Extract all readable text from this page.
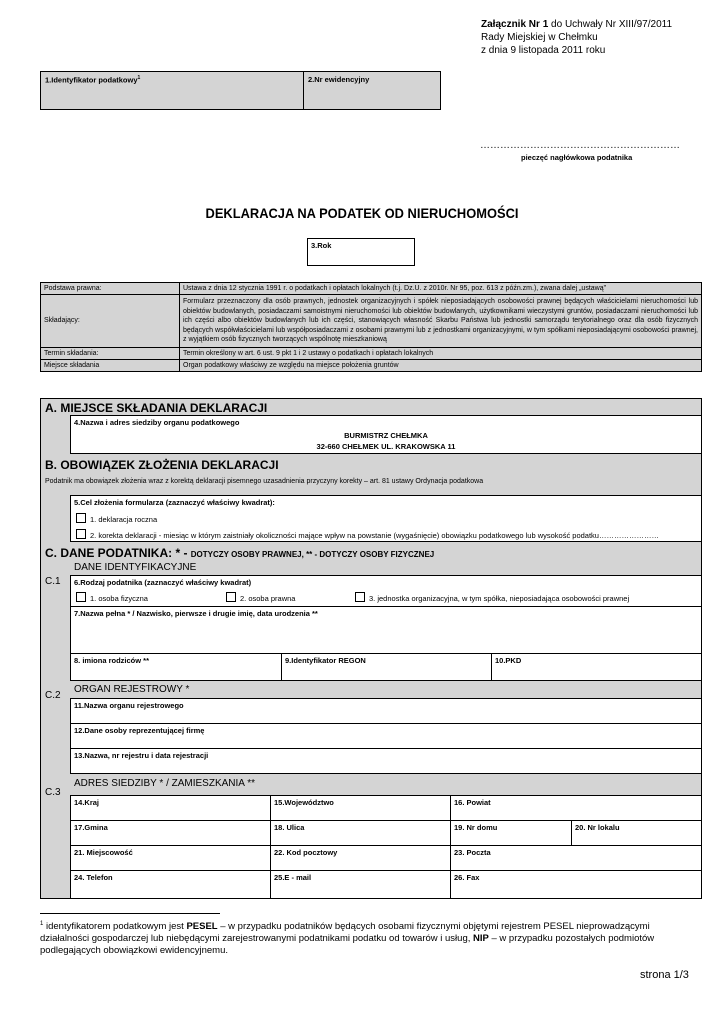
Załącznik Nr 1 do Uchwały Nr XIII/97/2011
Rady Miejskiej w Chełmku
z dnia 9 listopada 2011 roku
1.Identyfikator podatkowy$^1$	2.Nr ewidencyjny
……………………………………………………
pieczęć nagłówkowa podatnika
DEKLARACJA NA PODATEK OD NIERUCHOMOŚCI
3.Rok
Podstawa prawna:	Ustawa z dnia 12 stycznia 1991 r. o podatkach i opłatach lokalnych (t.j. Dz.U. z 2010r. Nr 95, poz. 613 z późn.zm.), zwana dalej „ustawą”
Składający:	Formularz przeznaczony dla osób prawnych, jednostek organizacyjnych i spółek nieposiadających osobowości prawnej będących właścicielami nieruchomości lub obiektów budowlanych, posiadaczami samoistnymi nieruchomości lub obiektów budowlanych, użytkownikami wieczystymi gruntów, posiadaczami nieruchomości lub ich części albo obiektów budowlanych lub ich części, stanowiących własność Skarbu Państwa lub jednostki samorządu terytorialnego oraz dla osób fizycznych będących współwłaścicielami lub współposiadaczami z osobami prawnymi lub z jednostkami organizacyjnymi, w tym spółkami nieposiadającymi osobowości prawnej, z wyjątkiem osób fizycznych tworzących wspólnotę mieszkaniową
Termin składania:	Termin określony w art. 6 ust. 9 pkt 1 i 2 ustawy o podatkach i opłatach lokalnych
Miejsce składania	Organ podatkowy właściwy ze względu na miejsce położenia gruntów
A. MIEJSCE SKŁADANIA DEKLARACJI
4.Nazwa i adres siedziby organu podatkowego
BURMISTRZ CHEŁMKA
32-660 CHEŁMEK UL. KRAKOWSKA 11
B. OBOWIĄZEK ZŁOŻENIA DEKLARACJI
Podatnik ma obowiązek złożenia wraz z korektą deklaracji pisemnego uzasadnienia przyczyny korekty – art. 81 ustawy Ordynacja podatkowa
5.Cel złożenia formularza (zaznaczyć właściwy kwadrat):
1. deklaracja roczna
2. korekta deklaracji - miesiąc w którym zaistniały okoliczności mające wpływ na powstanie (wygaśnięcie) obowiązku podatkowego lub wysokość podatku……………………
C. DANE PODATNIKA: * - DOTYCZY OSOBY PRAWNEJ, ** - DOTYCZY OSOBY FIZYCZNEJ
C.1
DANE IDENTYFIKACYJNE
6.Rodzaj podatnika (zaznaczyć właściwy kwadrat)
1. osoba fizyczna	2. osoba prawna	3. jednostka organizacyjna, w tym spółka, nieposiadająca osobowości prawnej
7.Nazwa pełna * / Nazwisko, pierwsze i drugie imię, data urodzenia **
8. imiona rodziców **	9.Identyfikator REGON	10.PKD
C.2
ORGAN REJESTROWY *
11.Nazwa organu rejestrowego
12.Dane osoby reprezentującej firmę
13.Nazwa, nr rejestru i data rejestracji
C.3
ADRES SIEDZIBY * / ZAMIESZKANIA **
14.Kraj	15.Województwo	16. Powiat
17.Gmina	18. Ulica	19. Nr domu	20. Nr lokalu
21. Miejscowość	22. Kod pocztowy	23. Poczta
24. Telefon	25.E - mail	26. Fax
$^1$ identyfikatorem podatkowym jest PESEL – w przypadku podatników będących osobami fizycznymi objętymi rejestrem PESEL nieprowadzącymi działalności gospodarczej lub niebędącymi zarejestrowanymi podatnikami podatku od towarów i usług, NIP – w przypadku pozostałych podmiotów podlegających obowiązkowi ewidencyjnemu.
strona 1/3
